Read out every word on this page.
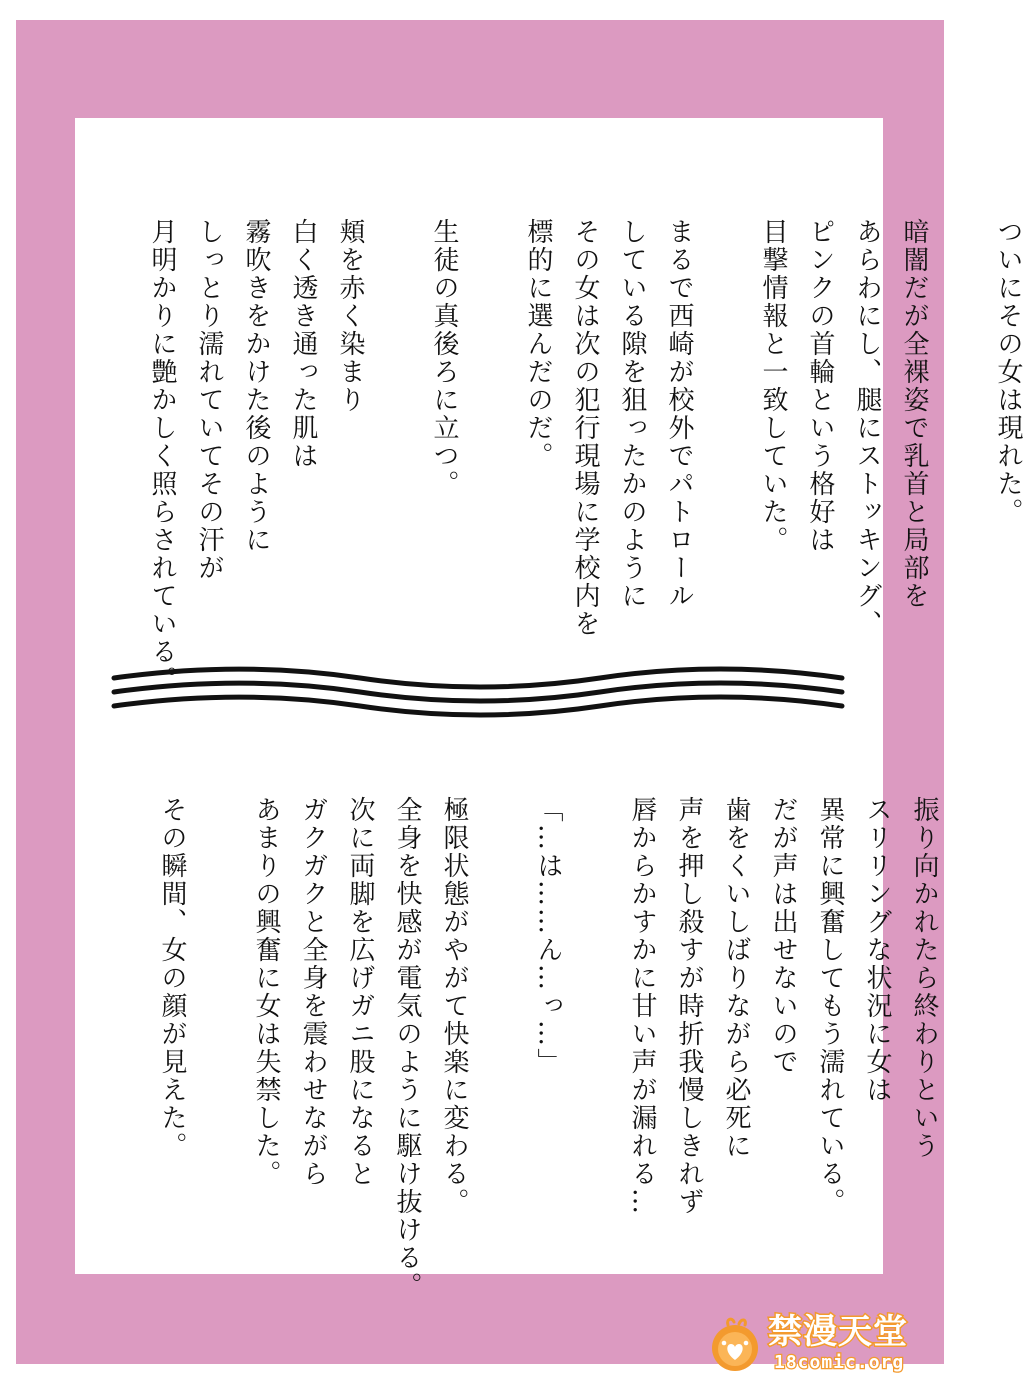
ついにその女は現れた。
暗闇だが全裸姿で乳首と局部を
あらわにし、腿にストッキング、
ピンクの首輪という格好は
目撃情報と一致していた。
まるで西崎が校外でパトロール
している隙を狙ったかのように
その女は次の犯行現場に学校内を
標的に選んだのだ。
生徒の真後ろに立つ。
頬を赤く染まり
白く透き通った肌は
霧吹きをかけた後のように
しっとり濡れていてその汗が
月明かりに艶かしく照らされている。
振り向かれたら終わりという
スリリングな状況に女は
異常に興奮してもう濡れている。
だが声は出せないので
歯をくいしばりながら必死に
声を押し殺すが時折我慢しきれず
唇からかすかに甘い声が漏れる…
「…は……ん…っ…」
極限状態がやがて快楽に変わる。
全身を快感が電気のように駆け抜ける。
次に両脚を広げガニ股になると
ガクガクと全身を震わせながら
あまりの興奮に女は失禁した。
その瞬間、女の顔が見えた。
禁漫天堂
18comic.org
